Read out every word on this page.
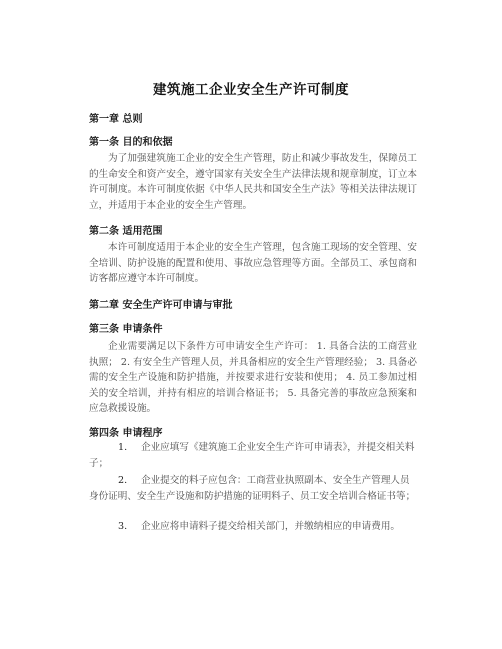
建筑施工企业安全生产许可制度
第一章 总则
第一条 目的和依据
为了加强建筑施工企业的安全生产管理，防止和减少事故发生，保障员工的生命安全和资产安全，遵守国家有关安全生产法律法规和规章制度，订立本许可制度。本许可制度依据《中华人民共和国安全生产法》等相关法律法规订立，并适用于本企业的安全生产管理。
第二条 适用范围
本许可制度适用于本企业的安全生产管理，包含施工现场的安全管理、安全培训、防护设施的配置和使用、事故应急管理等方面。全部员工、承包商和访客都应遵守本许可制度。
第二章 安全生产许可申请与审批
第三条 申请条件
企业需要满足以下条件方可申请安全生产许可： 1. 具备合法的工商营业执照； 2. 有安全生产管理人员，并具备相应的安全生产管理经验； 3. 具备必需的安全生产设施和防护措施，并按要求进行安装和使用； 4. 员工参加过相关的安全培训，并持有相应的培训合格证书； 5. 具备完善的事故应急预案和应急救援设施。
第四条 申请程序
1. 企业应填写《建筑施工企业安全生产许可申请表》，并提交相关料子；
2. 企业提交的料子应包含：工商营业执照副本、安全生产管理人员身份证明、安全生产设施和防护措施的证明料子、员工安全培训合格证书等；
3. 企业应将申请料子提交给相关部门，并缴纳相应的申请费用。
